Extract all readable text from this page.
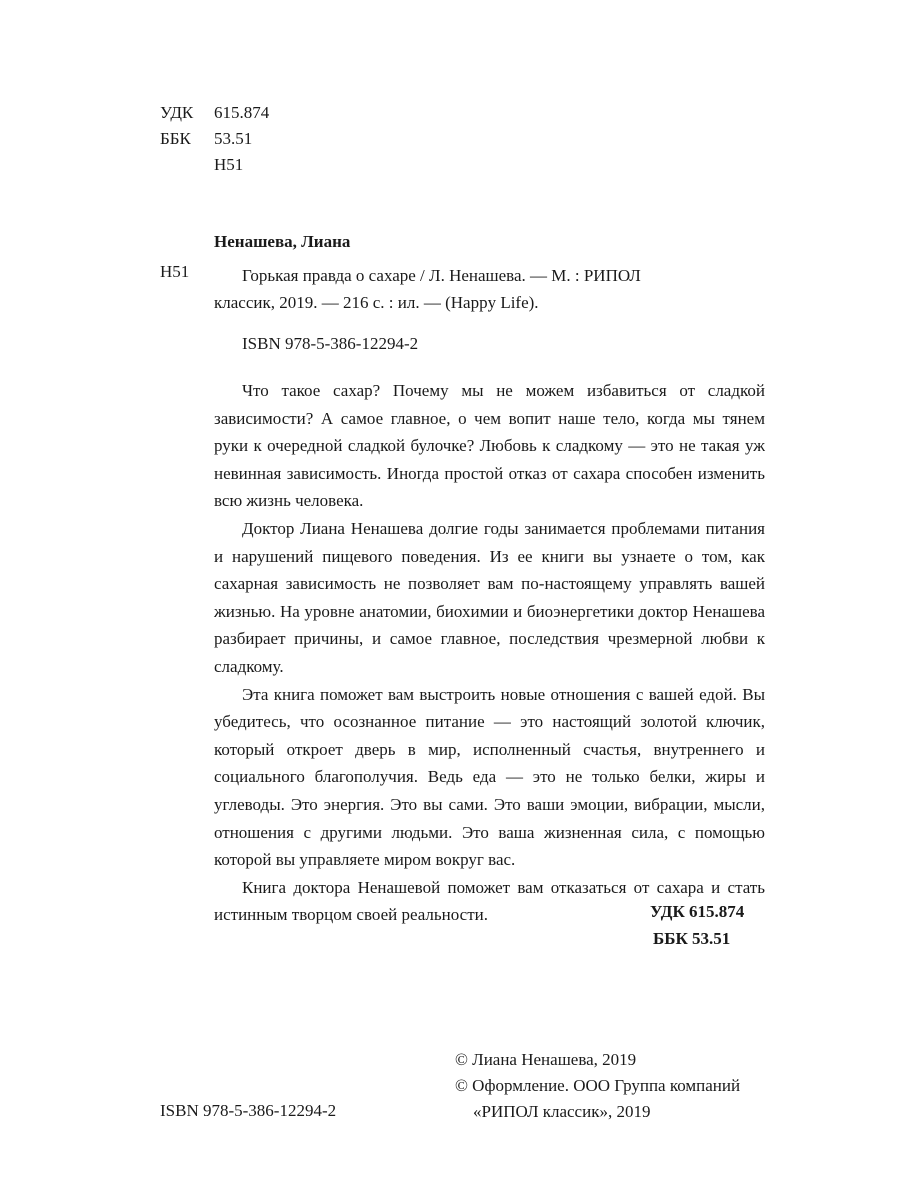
УДК 615.874
ББК 53.51
Н51
Ненашева, Лиана
Н51	Горькая правда о сахаре / Л. Ненашева. — М. : РИПОЛ
классик, 2019. — 216 с. : ил. — (Happy Life).
ISBN 978-5-386-12294-2

Что такое сахар? Почему мы не можем избавиться от сладкой зависимости? А самое главное, о чем вопит наше тело, когда мы тянем руки к очередной сладкой булочке? Любовь к сладкому — это не такая уж невинная зависимость. Иногда простой отказ от сахара способен изменить всю жизнь человека.

Доктор Лиана Ненашева долгие годы занимается проблемами питания и нарушений пищевого поведения. Из ее книги вы узнаете о том, как сахарная зависимость не позволяет вам по-настоящему управлять вашей жизнью. На уровне анатомии, биохимии и биоэнергетики доктор Ненашева разбирает причины, и самое главное, последствия чрезмерной любви к сладкому.

Эта книга поможет вам выстроить новые отношения с вашей едой. Вы убедитесь, что осознанное питание — это настоящий золотой ключик, который откроет дверь в мир, исполненный счастья, внутреннего и социального благополучия. Ведь еда — это не только белки, жиры и углеводы. Это энергия. Это вы сами. Это ваши эмоции, вибрации, мысли, отношения с другими людьми. Это ваша жизненная сила, с помощью которой вы управляете миром вокруг вас.

Книга доктора Ненашевой поможет вам отказаться от сахара и стать истинным творцом своей реальности.	УДК 615.874
ББК 53.51
© Лиана Ненашева, 2019
© Оформление. ООО Группа компаний
«РИПОЛ классик», 2019
ISBN 978-5-386-12294-2
